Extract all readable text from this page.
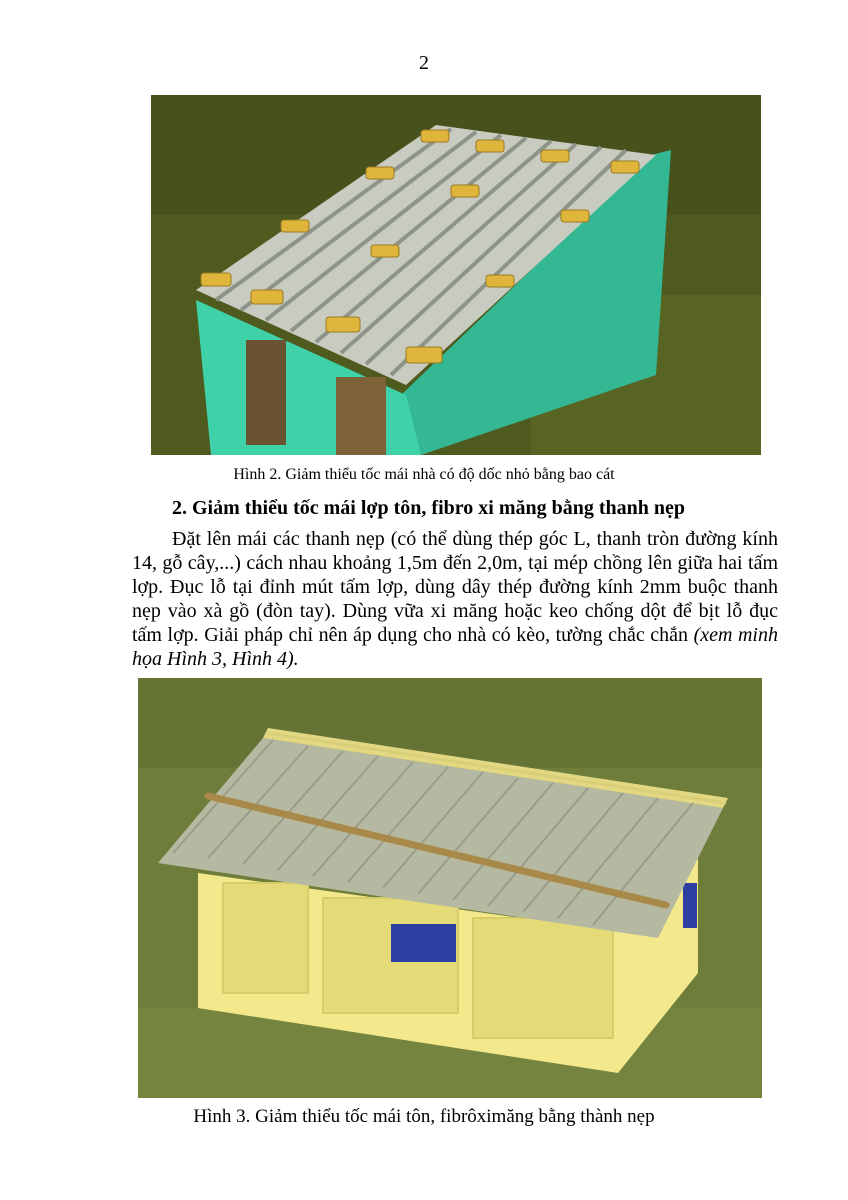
2
Hình 2. Giảm thiểu tốc mái nhà có độ dốc nhỏ bằng bao cát
2. Giảm thiểu tốc mái lợp tôn, fibro xi măng bằng thanh nẹp

Đặt lên mái các thanh nẹp (có thể dùng thép góc L, thanh tròn đường kính 14, gỗ cây,...) cách nhau khoảng 1,5m đến 2,0m, tại mép chồng lên giữa hai tấm lợp. Đục lỗ tại đỉnh mút tấm lợp, dùng dây thép đường kính 2mm buộc thanh nẹp vào xà gồ (đòn tay). Dùng vữa xi măng hoặc keo chống dột để bịt lỗ đục tấm lợp. Giải pháp chỉ nên áp dụng cho nhà có kèo, tường chắc chắn (xem minh họa Hình 3, Hình 4).

Hình 3. Giảm thiểu tốc mái tôn, fibrôximăng bằng thành nẹp
